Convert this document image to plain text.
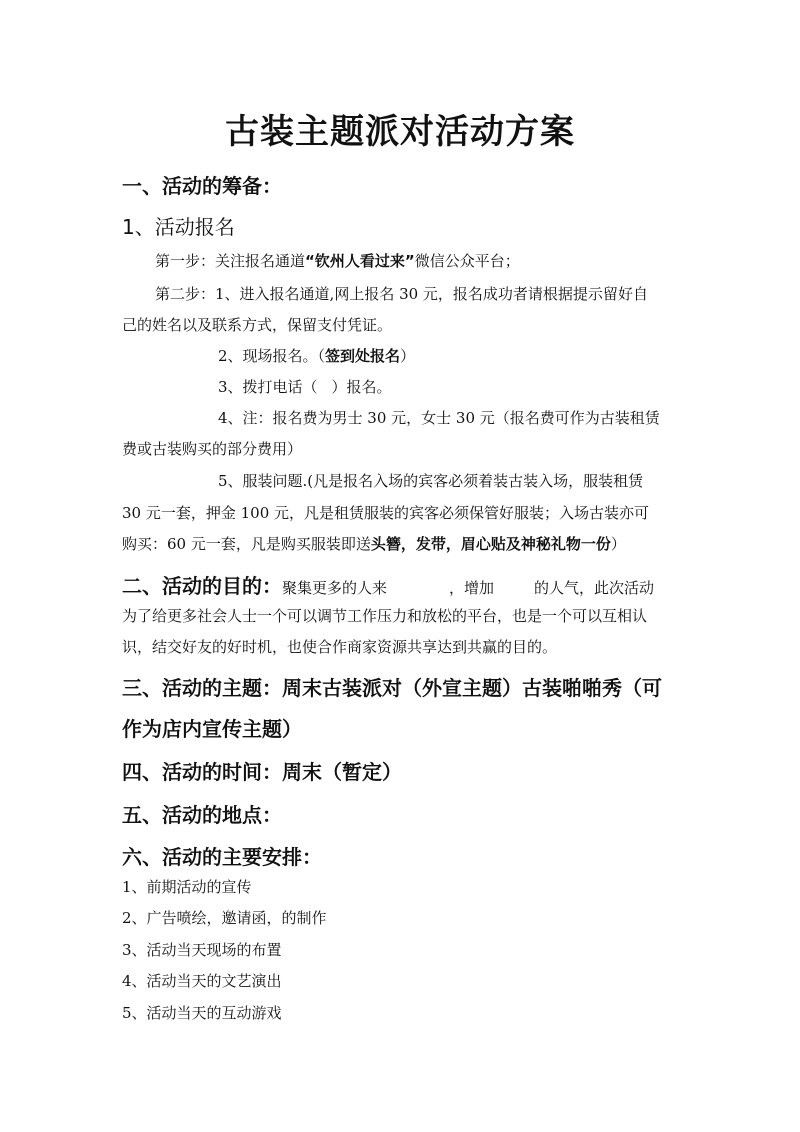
古装主题派对活动方案
一、活动的筹备：
1、活动报名
第一步：关注报名通道“钦州人看过来”微信公众平台；
第二步：1、进入报名通道,网上报名 30 元，报名成功者请根据提示留好自
己的姓名以及联系方式，保留支付凭证。
2、现场报名。（签到处报名）
3、拨打电话（ ）报名。
4、注：报名费为男士 30 元，女士 30 元（报名费可作为古装租赁
费或古装购买的部分费用）
5、服装问题.(凡是报名入场的宾客必须着装古装入场，服装租赁
30 元一套，押金 100 元，凡是租赁服装的宾客必须保管好服装；入场古装亦可
购买：60 元一套，凡是购买服装即送头簪，发带，眉心贴及神秘礼物一份）
二、活动的目的：聚集更多的人来	，增加	的人气，此次活动
为了给更多社会人士一个可以调节工作压力和放松的平台，也是一个可以互相认
识，结交好友的好时机，也使合作商家资源共享达到共赢的目的。
三、活动的主题：周末古装派对（外宣主题）古装啪啪秀（可
作为店内宣传主题）
四、活动的时间：周末（暂定）
五、活动的地点：
六、活动的主要安排：
1、前期活动的宣传
2、广告喷绘，邀请函，的制作
3、活动当天现场的布置
4、活动当天的文艺演出
5、活动当天的互动游戏
